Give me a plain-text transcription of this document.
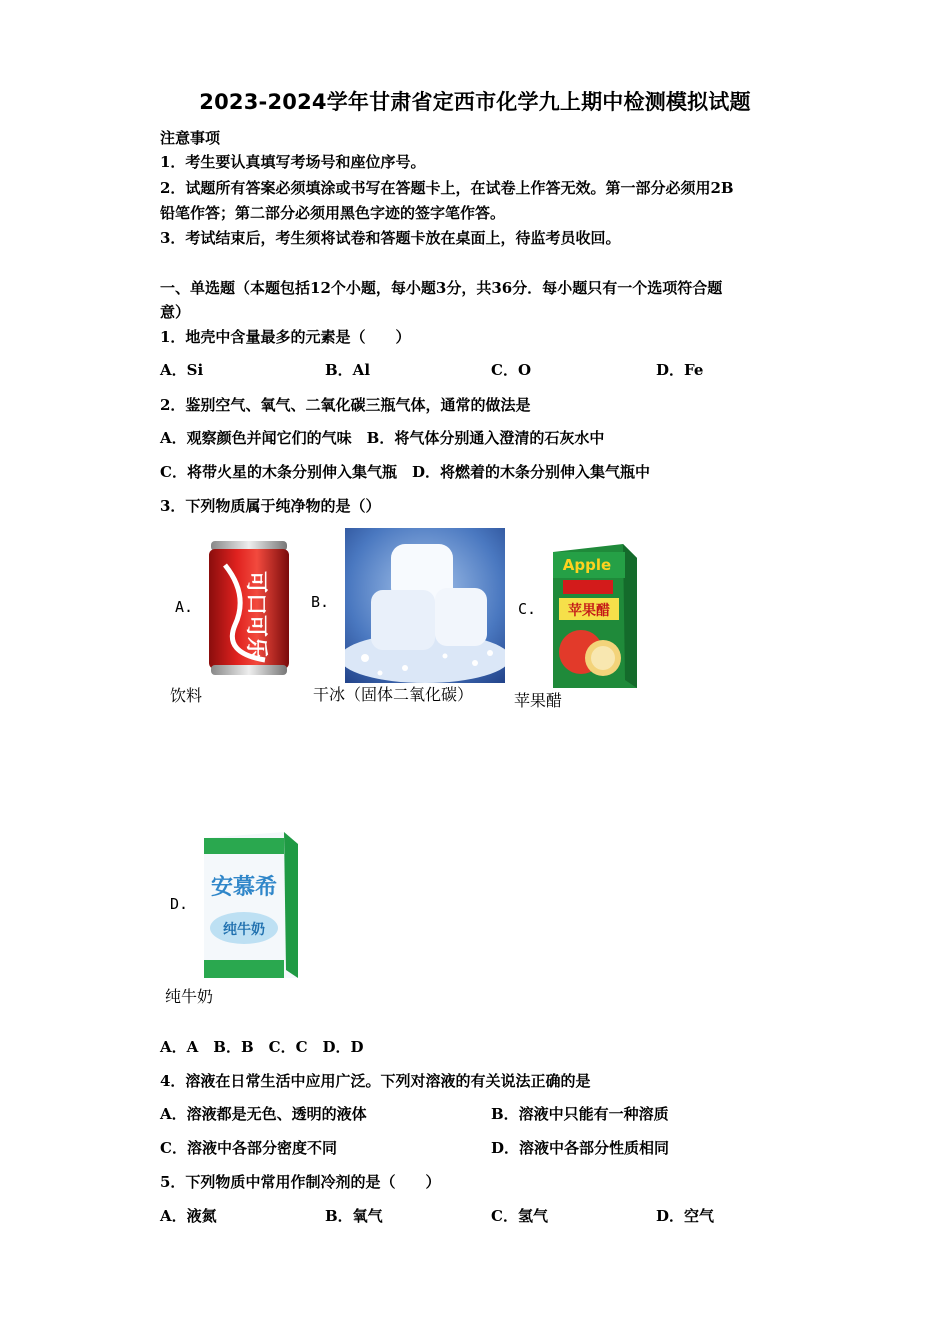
2023-2024学年甘肃省定西市化学九上期中检测模拟试题
注意事项
1．考生要认真填写考场号和座位序号。
2．试题所有答案必须填涂或书写在答题卡上，在试卷上作答无效。第一部分必须用2B
铅笔作答；第二部分必须用黑色字迹的签字笔作答。
3．考试结束后，考生须将试卷和答题卡放在桌面上，待监考员收回。
一、单选题（本题包括12个小题，每小题3分，共36分．每小题只有一个选项符合题
意）
1．地壳中含量最多的元素是（　　）
A．Si	B．Al	C．O	D．Fe
2．鉴别空气、氧气、二氧化碳三瓶气体，通常的做法是
A．观察颜色并闻它们的气味　B．将气体分别通入澄清的石灰水中
C．将带火星的木条分别伸入集气瓶　D．将燃着的木条分别伸入集气瓶中
3．下列物质属于纯净物的是（）
A. 可口可乐
饮料
B.
干冰（固体二氧化碳）
C.
Apple
苹果醋
苹果醋
D.
安慕希
纯牛奶
纯牛奶
A．A　B．B　C．C　D．D
4．溶液在日常生活中应用广泛。下列对溶液的有关说法正确的是
A．溶液都是无色、透明的液体	B．溶液中只能有一种溶质
C．溶液中各部分密度不同	D．溶液中各部分性质相同
5．下列物质中常用作制冷剂的是（　　）
A．液氮	B．氧气	C．氢气	D．空气
